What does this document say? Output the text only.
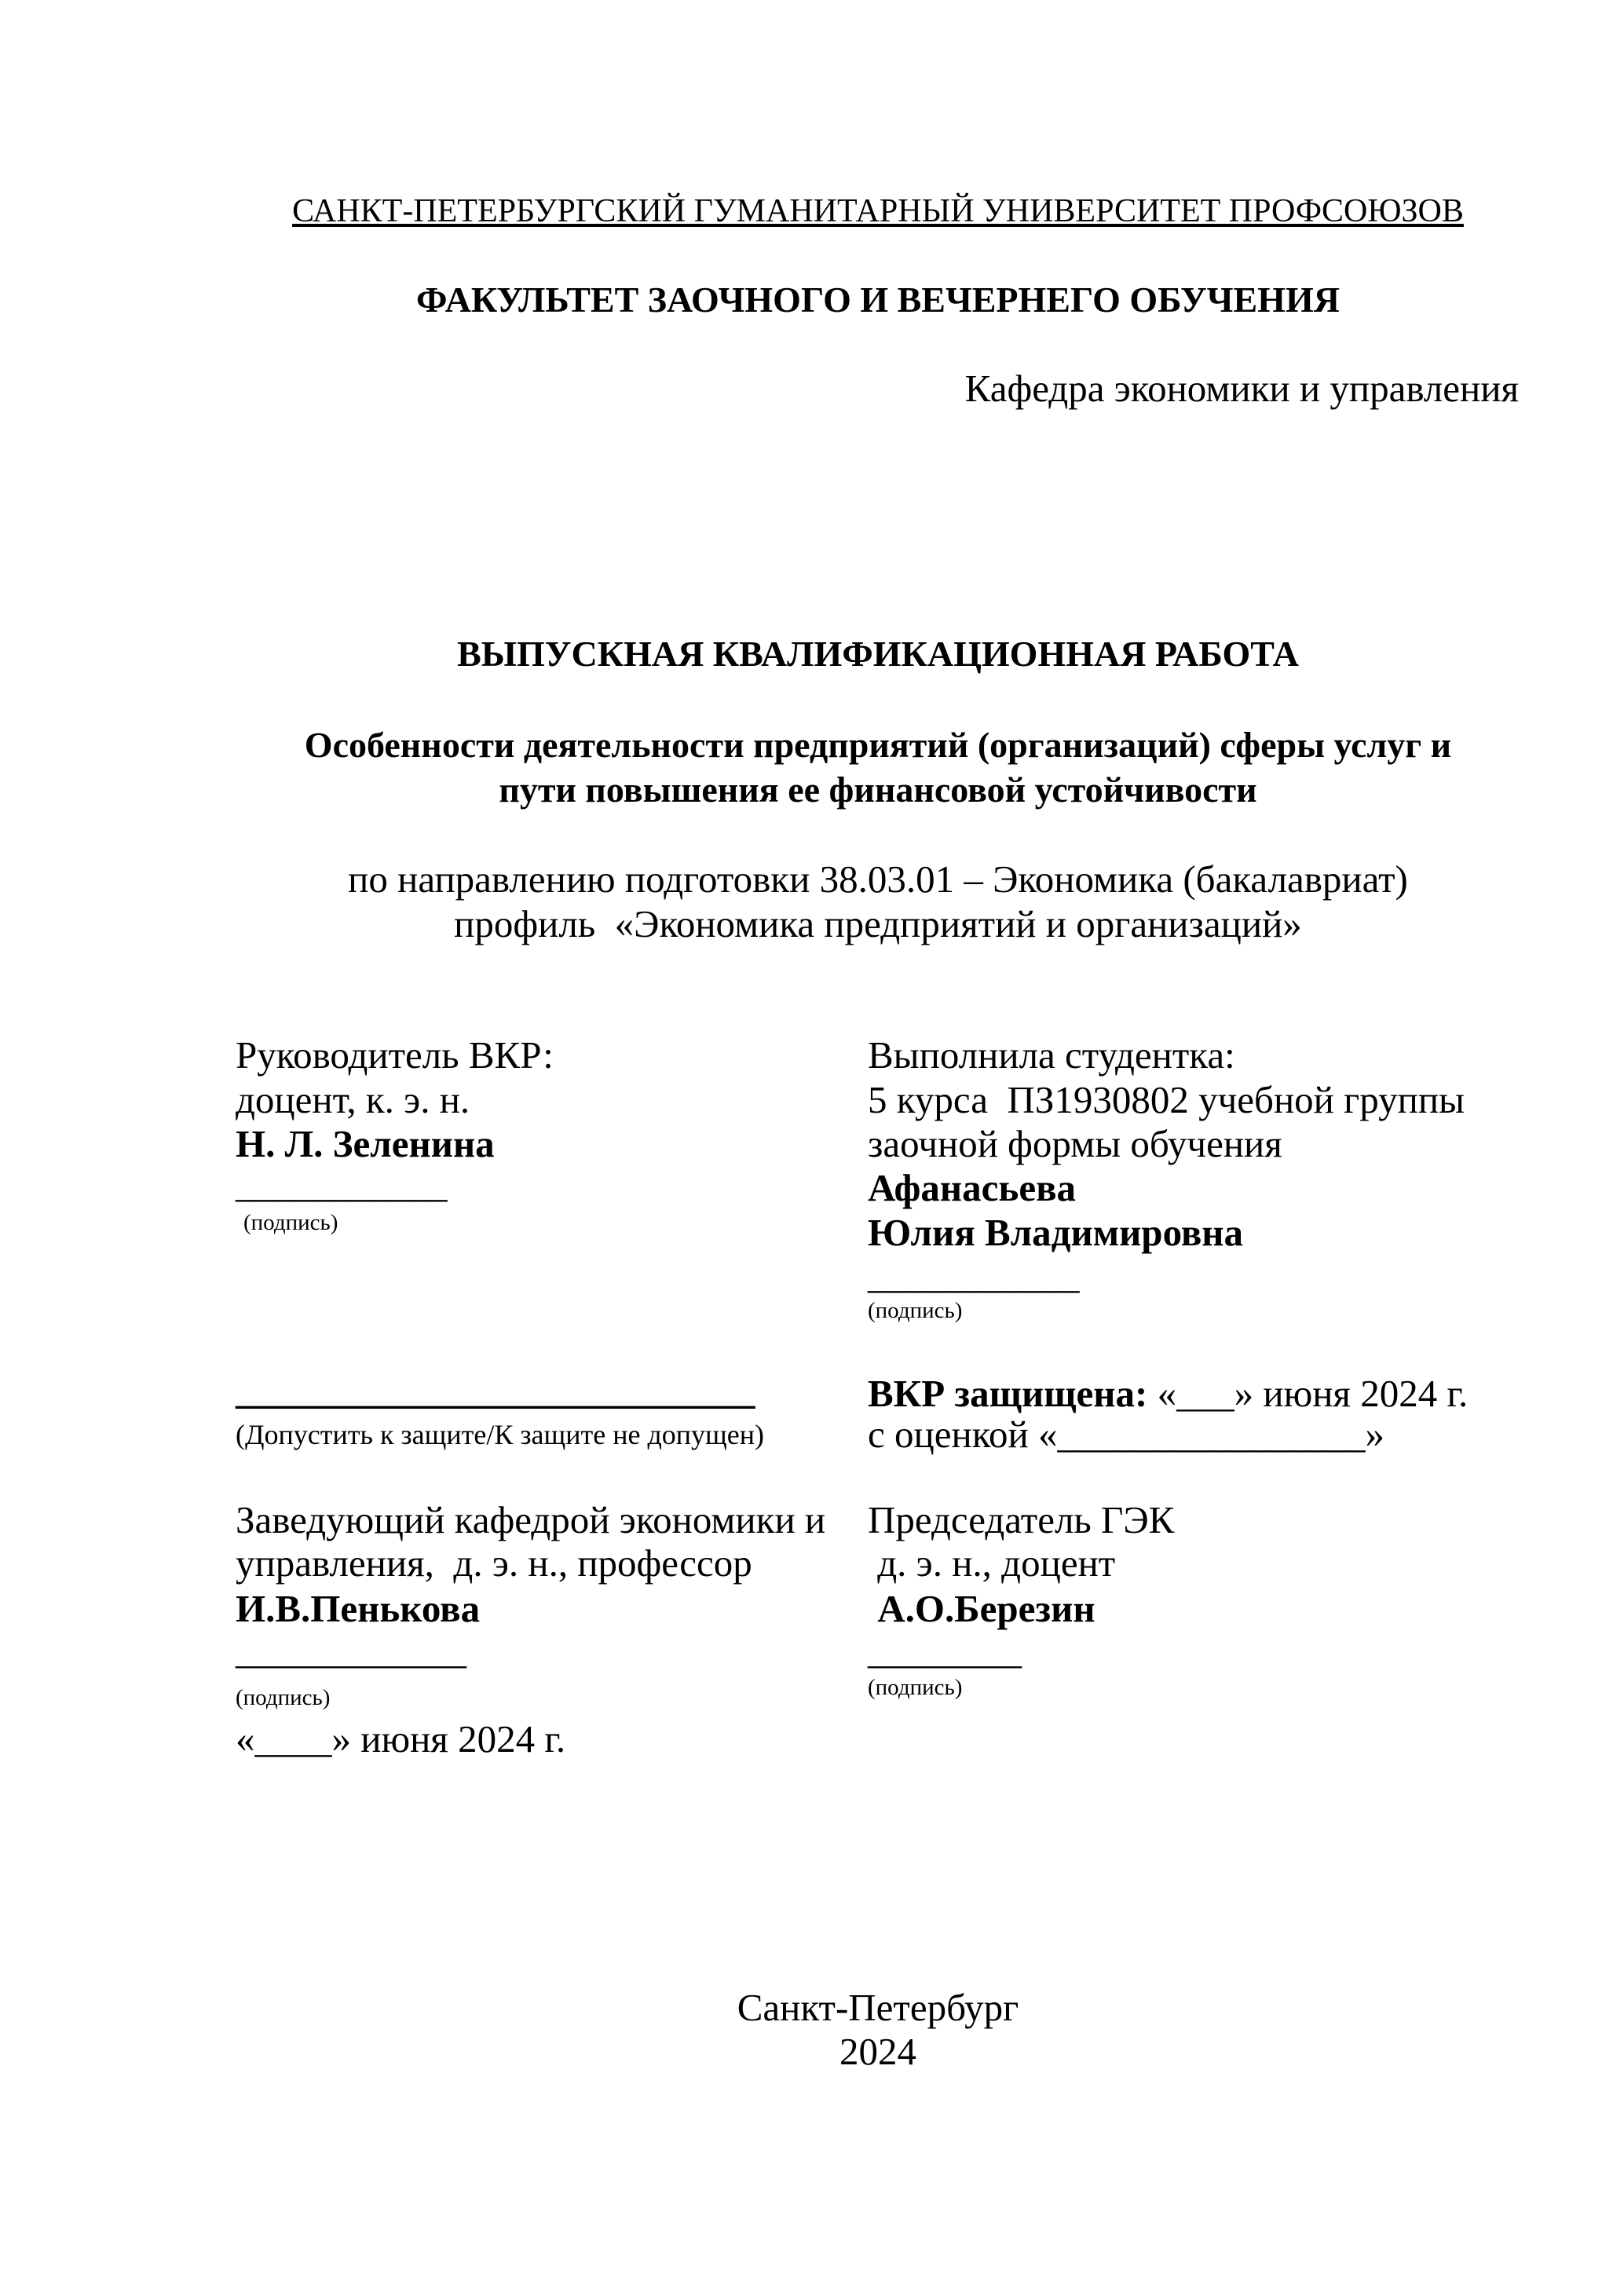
САНКТ-ПЕТЕРБУРГСКИЙ ГУМАНИТАРНЫЙ УНИВЕРСИТЕТ ПРОФСОЮЗОВ
ФАКУЛЬТЕТ ЗАОЧНОГО И ВЕЧЕРНЕГО ОБУЧЕНИЯ
Кафедра экономики и управления
ВЫПУСКНАЯ КВАЛИФИКАЦИОННАЯ РАБОТА
Особенности деятельности предприятий (организаций) сферы услуг и
пути повышения ее финансовой устойчивости
по направлению подготовки 38.03.01 – Экономика (бакалавриат)
профиль  «Экономика предприятий и организаций»
Руководитель ВКР:
доцент, к. э. н.
Н. Л. Зеленина
___________
(подпись)
Выполнила студентка:
5 курса  ПЗ1930802 учебной группы
заочной формы обучения
Афанасьева
Юлия Владимировна
___________
(подпись)
___________________________
(Допустить к защите/К защите не допущен)
ВКР защищена: «___» июня 2024 г.
с оценкой «________________»
Заведующий кафедрой экономики и
управления,  д. э. н., профессор
И.В.Пенькова
____________
(подпись)
«____» июня 2024 г.
Председатель ГЭК
д. э. н., доцент
А.О.Березин
________
(подпись)
Санкт-Петербург
2024
